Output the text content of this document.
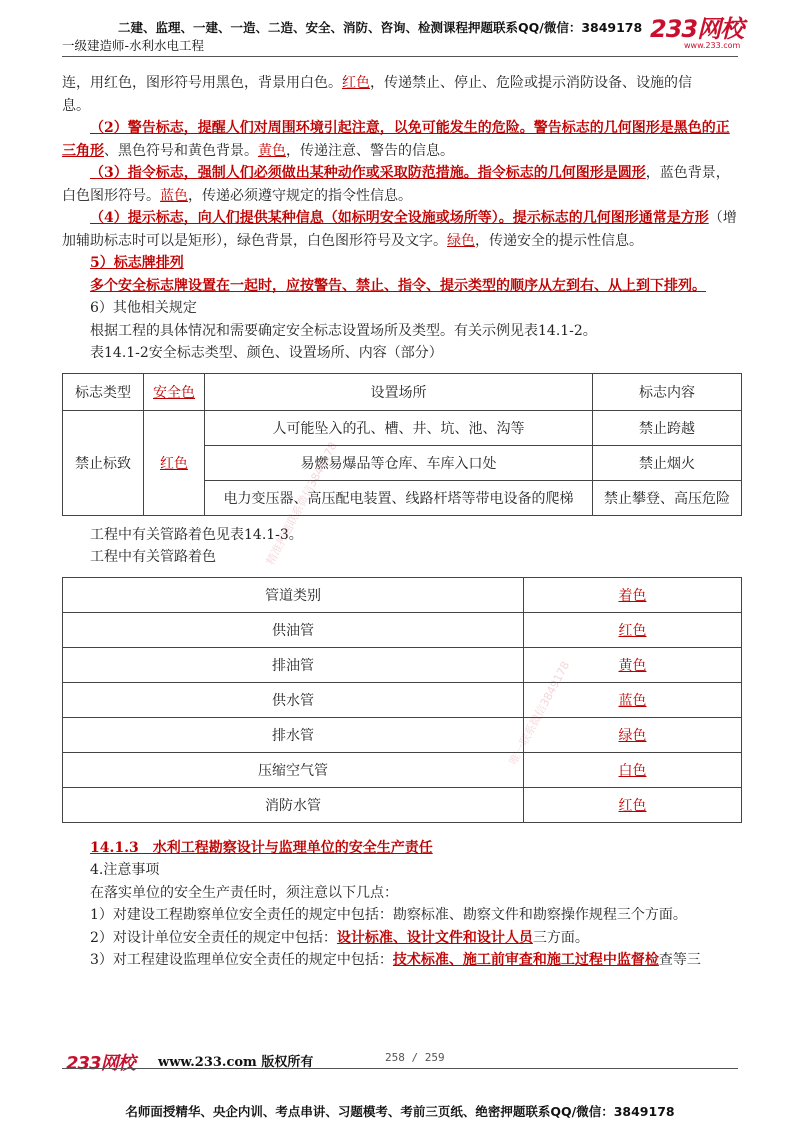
二建、监理、一建、一造、二造、安全、消防、咨询、检测课程押题联系QQ/微信：3849178
一级建造师-水利水电工程
233网校
www.233.com

连，用红色，图形符号用黑色，背景用白色。红色，传递禁止、停止、危险或提示消防设备、设施的信
息。

（2）警告标志，提醒人们对周围环境引起注意，以免可能发生的危险。警告标志的几何图形是黑色的正三角形、黑色符号和黄色背景。黄色，传递注意、警告的信息。

（3）指令标志，强制人们必须做出某种动作或采取防范措施。指令标志的几何图形是圆形，蓝色背景，白色图形符号。蓝色，传递必须遵守规定的指令性信息。

（4）提示标志，向人们提供某种信息（如标明安全设施或场所等）。提示标志的几何图形通常是方形（增加辅助标志时可以是矩形），绿色背景，白色图形符号及文字。绿色，传递安全的提示性信息。

5）标志牌排列

多个安全标志牌设置在一起时，应按警告、禁止、指令、提示类型的顺序从左到右、从上到下排列。

6）其他相关规定

根据工程的具体情况和需要确定安全标志设置场所及类型。有关示例见表14.1-2。

表14.1-2安全标志类型、颜色、设置场所、内容（部分）

标志类型	安全色	设置场所	标志内容
禁止标致	红色	人可能坠入的孔、槽、井、坑、池、沟等	禁止跨越
		易燃易爆品等仓库、车库入口处	禁止烟火
		电力变压器、高压配电装置、线路杆塔等带电设备的爬梯	禁止攀登、高压危险

工程中有关管路着色见表14.1-3。

工程中有关管路着色

管道类别	着色
供油管	红色
排油管	黄色
供水管	蓝色
排水管	绿色
压缩空气管	白色
消防水管	红色

14.1.3　水利工程勘察设计与监理单位的安全生产责任

4.注意事项

在落实单位的安全生产责任时，须注意以下几点：

1）对建设工程勘察单位安全责任的规定中包括：勘察标准、勘察文件和勘察操作规程三个方面。

2）对设计单位安全责任的规定中包括：设计标准、设计文件和设计人员三方面。

3）对工程建设监理单位安全责任的规定中包括：技术标准、施工前审查和施工过程中监督检查等三

精准押题联系微信3849178
唯一联系微信3849178
233网校 www.233.com 版权所有	258 / 259
名师面授精华、央企内训、考点串讲、习题模考、考前三页纸、绝密押题联系QQ/微信：3849178
